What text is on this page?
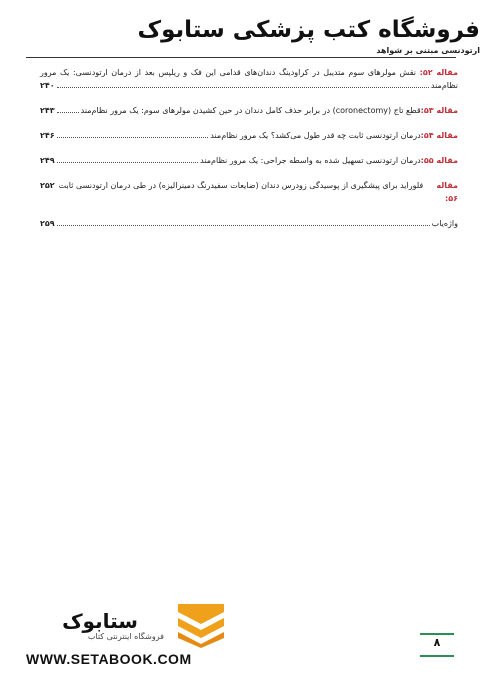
فروشگاه کتب پزشکی ستابوک
ارتودنسی مبتنی بر شواهد
مقاله ۵۲: نقش مولرهای سوم متدیبل در کراودینگ دندان‌های قدامی این فک و ریلپس بعد از درمان ارتودنسی: یک مرور
نظام‌مند
۲۴۰
مقاله ۵۳:
قطع تاج (coronectomy) در برابر حذف کامل دندان در حین کشیدن مولرهای سوم: یک مرور نظام‌مند
۲۴۳
مقاله ۵۴:
درمان ارتودنسی ثابت چه قدر طول می‌کشد؟ یک مرور نظام‌مند
۲۴۶
مقاله ۵۵:
درمان ارتودنسی تسهیل شده به واسطه جراحی: یک مرور نظام‌مند
۲۴۹
مقاله ۵۶:
فلوراید برای پیشگیری از پوسیدگی زودرس دندان (ضایعات سفیدرنگ دمینرالیزه) در طی درمان ارتودنسی ثابت
۲۵۲
واژه‌یاب
۲۵۹
ستابوک
فروشگاه اینترنتی کتاب
WWW.SETABOOK.COM
۸
